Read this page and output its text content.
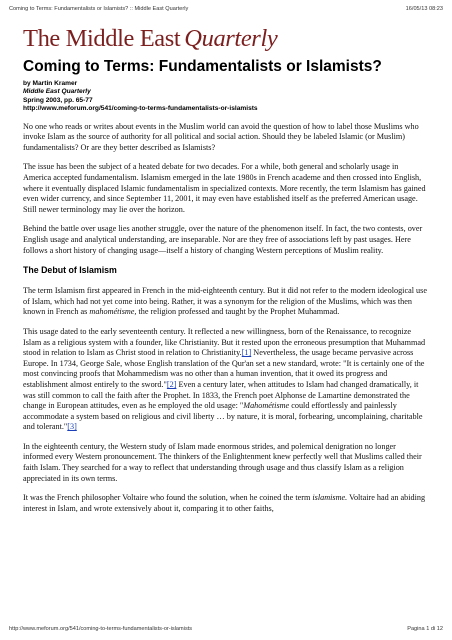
Coming to Terms: Fundamentalists or Islamists? :: Middle East Quarterly	16/05/13 08:23
The Middle East Quarterly
Coming to Terms: Fundamentalists or Islamists?
by Martin Kramer
Middle East Quarterly
Spring 2003, pp. 65-77
http://www.meforum.org/541/coming-to-terms-fundamentalists-or-islamists

No one who reads or writes about events in the Muslim world can avoid the question of how to label those Muslims who invoke Islam as the source of authority for all political and social action. Should they be labeled Islamic (or Muslim) fundamentalists? Or are they better described as Islamists?

The issue has been the subject of a heated debate for two decades. For a while, both general and scholarly usage in America accepted fundamentalism. Islamism emerged in the late 1980s in French academe and then crossed into English, where it eventually displaced Islamic fundamentalism in specialized contexts. More recently, the term Islamism has gained even wider currency, and since September 11, 2001, it may even have established itself as the preferred American usage. Still newer terminology may lie over the horizon.

Behind the battle over usage lies another struggle, over the nature of the phenomenon itself. In fact, the two contests, over English usage and analytical understanding, are inseparable. Nor are they free of associations left by past usages. Here follows a short history of changing usage—itself a history of changing Western perceptions of Muslim reality.

The Debut of Islamism

The term Islamism first appeared in French in the mid-eighteenth century. But it did not refer to the modern ideological use of Islam, which had not yet come into being. Rather, it was a synonym for the religion of the Muslims, which was then known in French as mahométisme, the religion professed and taught by the Prophet Muhammad.

This usage dated to the early seventeenth century. It reflected a new willingness, born of the Renaissance, to recognize Islam as a religious system with a founder, like Christianity. But it rested upon the erroneous presumption that Muhammad stood in relation to Islam as Christ stood in relation to Christianity.[1] Nevertheless, the usage became pervasive across Europe. In 1734, George Sale, whose English translation of the Qur'an set a new standard, wrote: "It is certainly one of the most convincing proofs that Mohammedism was no other than a human invention, that it owed its progress and establishment almost entirely to the sword."[2] Even a century later, when attitudes to Islam had changed dramatically, it was still common to call the faith after the Prophet. In 1833, the French poet Alphonse de Lamartine demonstrated the change in European attitudes, even as he employed the old usage: "Mahométisme could effortlessly and painlessly accommodate a system based on religious and civil liberty … by nature, it is moral, forbearing, uncomplaining, charitable and tolerant."[3]

In the eighteenth century, the Western study of Islam made enormous strides, and polemical denigration no longer informed every Western pronouncement. The thinkers of the Enlightenment knew perfectly well that Muslims called their faith Islam. They searched for a way to reflect that understanding through usage and thus classify Islam as a religion appreciated in its own terms.

It was the French philosopher Voltaire who found the solution, when he coined the term islamisme. Voltaire had an abiding interest in Islam, and wrote extensively about it, comparing it to other faiths,

http://www.meforum.org/541/coming-to-terms-fundamentalists-or-islamists	Pagina 1 di 12
